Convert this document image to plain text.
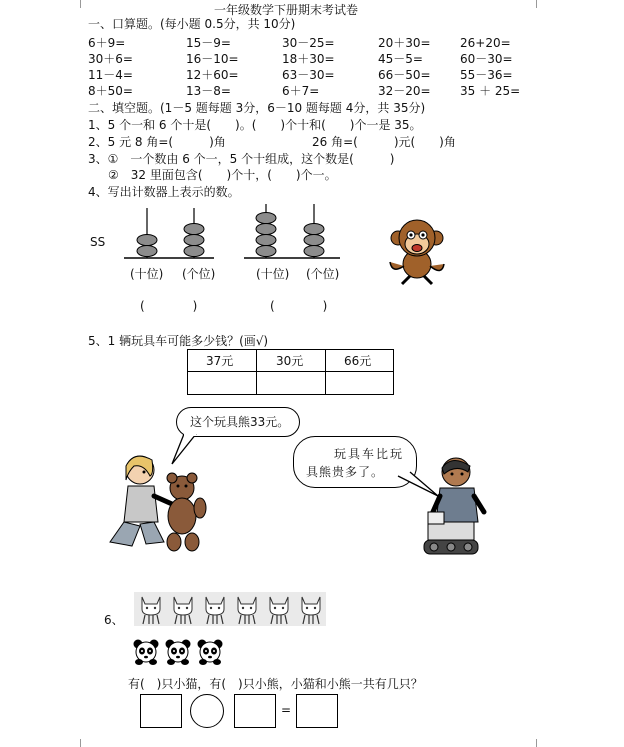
一年级数学下册期末考试卷
一、口算题。(每小题 0.5分，共 10分)
6＋9=	15－9=	30－25=	20＋30= 26+20=
30＋6=	16－10=	18＋30=	45－5=	60－30=
11－4=	12＋60=	63－30=	66－50= 55－36=
8＋50=	13－8=	6＋7=	32－20= 35 ＋ 25=
二、填空题。(1－5 题每题 3分，6－10 题每题 4分，共 35分)
1、5 个一和 6 个十是(　　)。(　　)个十和(　　)个一是 35。
2、5 元 8 角=(　　　)角	26 角=(　　　)元(　　)角
3、①　一个数由 6 个一，5 个十组成，这个数是(　　　)
②　32 里面包含(　　)个十，(　　)个一。
4、写出计数器上表示的数。
SS
(十位) (个位)	(十位) (个位)
(　　　　)	(　　　　)
5、1 辆玩具车可能多少钱？(画√)
37元	30元	66元
这个玩具熊33元。
玩具车比玩
具熊贵多了。
6、
有(　)只小猫，有(　)只小熊，小猫和小熊一共有几只？
=
